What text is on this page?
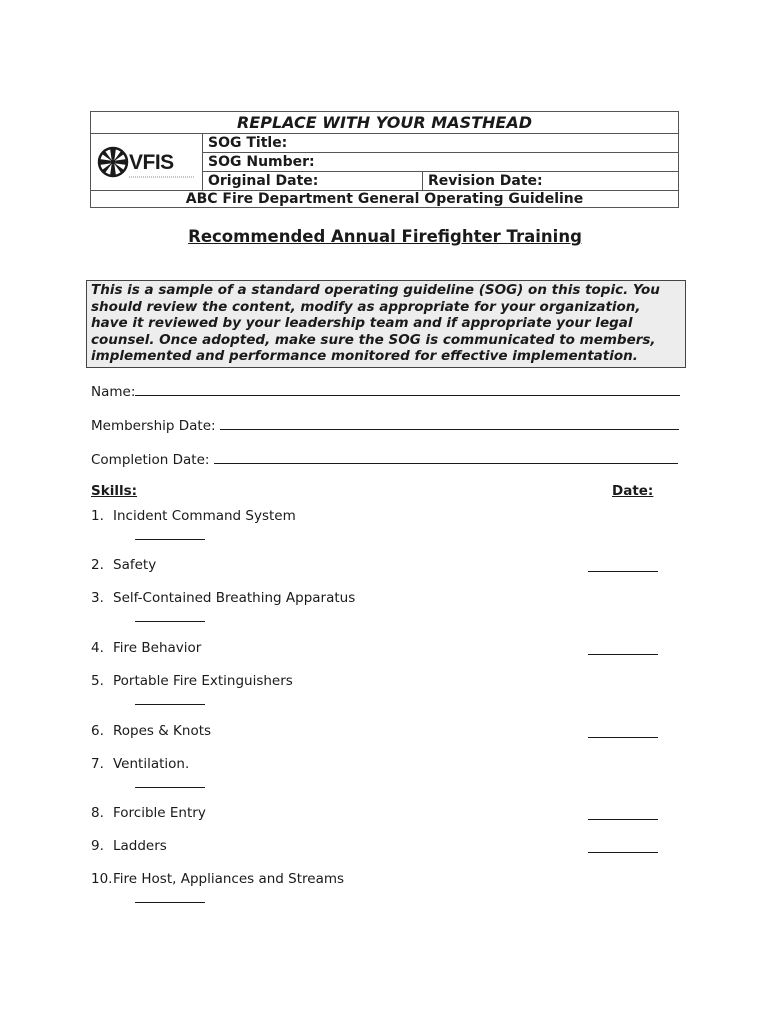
REPLACE WITH YOUR MASTHEAD
VFIS
SOG Title:
SOG Number:
Original Date:	Revision Date:
ABC Fire Department General Operating Guideline
Recommended Annual Firefighter Training
This is a sample of a standard operating guideline (SOG) on this topic. You should review the content, modify as appropriate for your organization, have it reviewed by your leadership team and if appropriate your legal counsel. Once adopted, make sure the SOG is communicated to members, implemented and performance monitored for effective implementation.
Name:
Membership Date:
Completion Date:
Skills:	Date:
1. Incident Command System
2. Safety
3. Self-Contained Breathing Apparatus
4. Fire Behavior
5. Portable Fire Extinguishers
6. Ropes & Knots
7. Ventilation.
8. Forcible Entry
9. Ladders
10.Fire Host, Appliances and Streams
